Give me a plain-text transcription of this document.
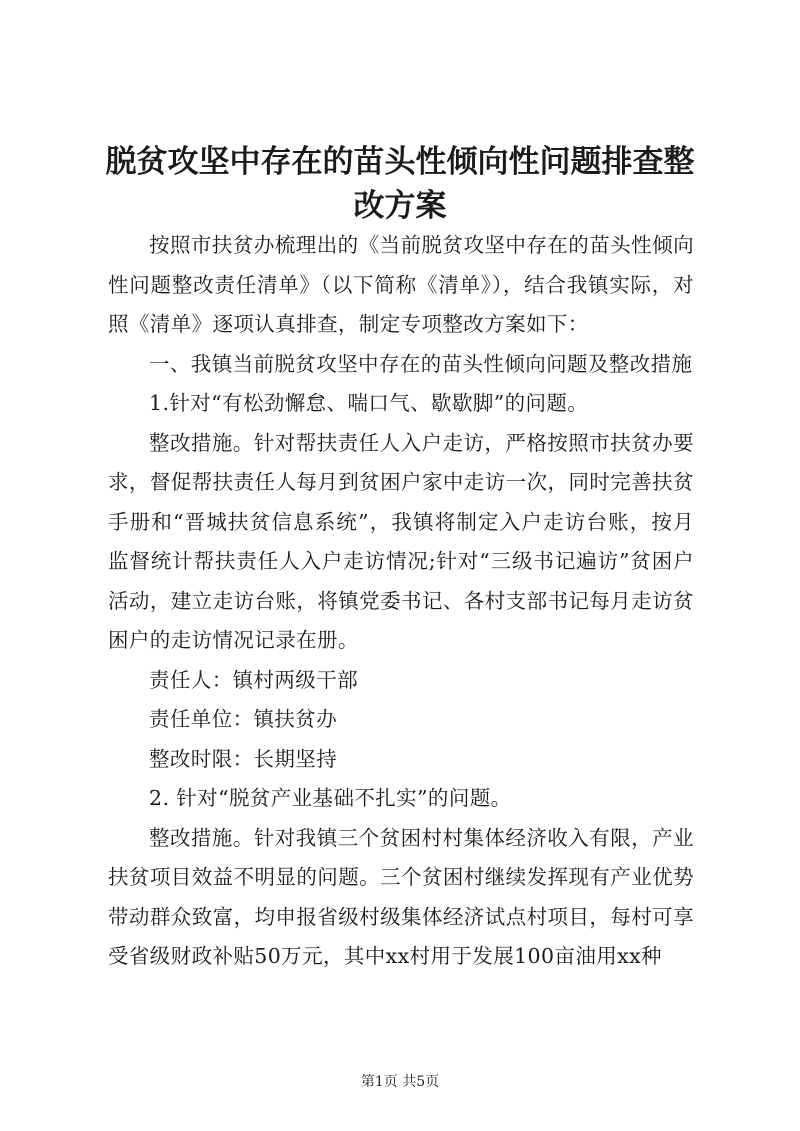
脱贫攻坚中存在的苗头性倾向性问题排查整改方案

按照市扶贫办梳理出的《当前脱贫攻坚中存在的苗头性倾向性问题整改责任清单》（以下简称《清单》），结合我镇实际，对照《清单》逐项认真排查，制定专项整改方案如下：

一、我镇当前脱贫攻坚中存在的苗头性倾向问题及整改措施

1.针对“有松劲懈怠、喘口气、歇歇脚”的问题。

整改措施。针对帮扶责任人入户走访，严格按照市扶贫办要求，督促帮扶责任人每月到贫困户家中走访一次，同时完善扶贫手册和“晋城扶贫信息系统”，我镇将制定入户走访台账，按月监督统计帮扶责任人入户走访情况;针对“三级书记遍访”贫困户活动，建立走访台账，将镇党委书记、各村支部书记每月走访贫困户的走访情况记录在册。

责任人：镇村两级干部

责任单位：镇扶贫办

整改时限：长期坚持

2. 针对“脱贫产业基础不扎实”的问题。

整改措施。针对我镇三个贫困村村集体经济收入有限，产业扶贫项目效益不明显的问题。三个贫困村继续发挥现有产业优势带动群众致富，均申报省级村级集体经济试点村项目，每村可享受省级财政补贴50万元，其中xx村用于发展100亩油用xx种

第1页 共5页
